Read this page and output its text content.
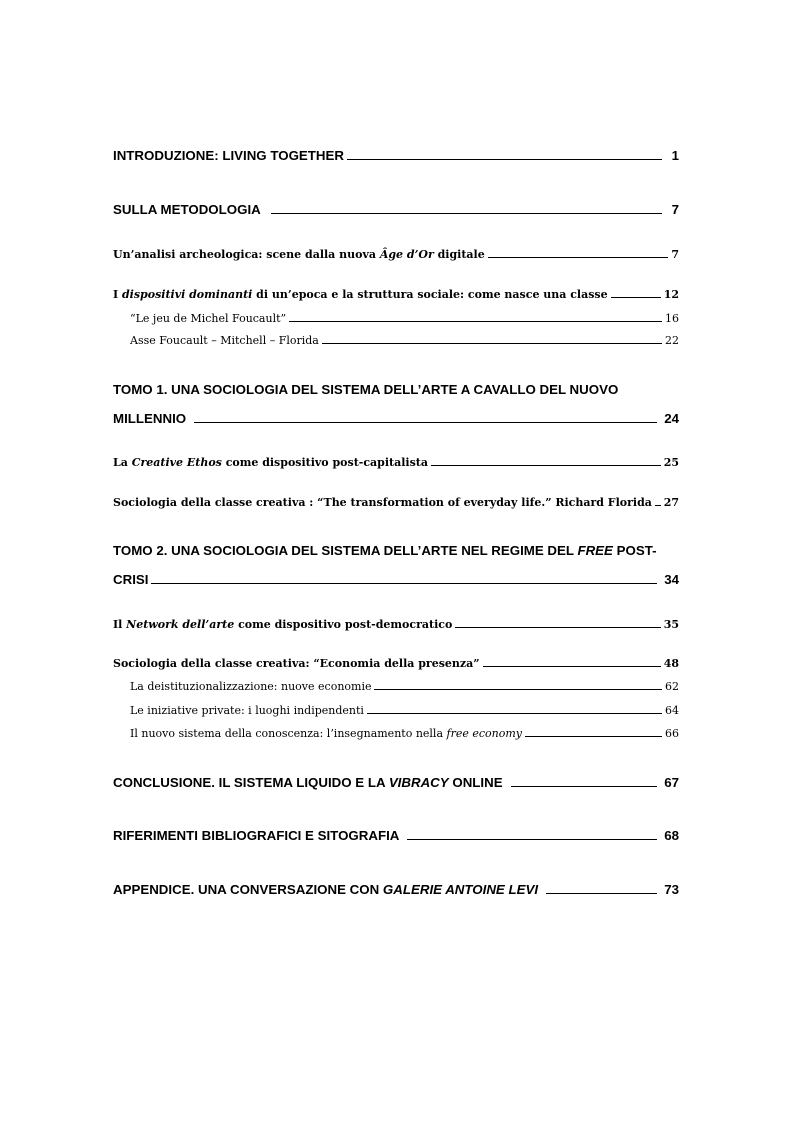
INTRODUZIONE: LIVING TOGETHER	1
SULLA METODOLOGIA	7
Un’analisi archeologica: scene dalla nuova Âge d’Or digitale	7
I dispositivi dominanti di un’epoca e la struttura sociale: come nasce una classe	12
“Le jeu de Michel Foucault”	16
Asse Foucault – Mitchell – Florida	22
TOMO 1. UNA SOCIOLOGIA DEL SISTEMA DELL’ARTE A CAVALLO DEL NUOVO
MILLENNIO	24
La Creative Ethos come dispositivo post-capitalista	25
Sociologia della classe creativa : “The transformation of everyday life.” Richard Florida 27
TOMO 2. UNA SOCIOLOGIA DEL SISTEMA DELL’ARTE NEL REGIME DEL FREE POST-
CRISI	34
Il Network dell’arte come dispositivo post-democratico	35
Sociologia della classe creativa: “Economia della presenza”	48
La deistituzionalizzazione: nuove economie	62
Le iniziative private: i luoghi indipendenti	64
Il nuovo sistema della conoscenza: l’insegnamento nella free economy	66
CONCLUSIONE. IL SISTEMA LIQUIDO E LA VIBRACY ONLINE	67
RIFERIMENTI BIBLIOGRAFICI E SITOGRAFIA	68
APPENDICE. UNA CONVERSAZIONE CON GALERIE ANTOINE LEVI	73
